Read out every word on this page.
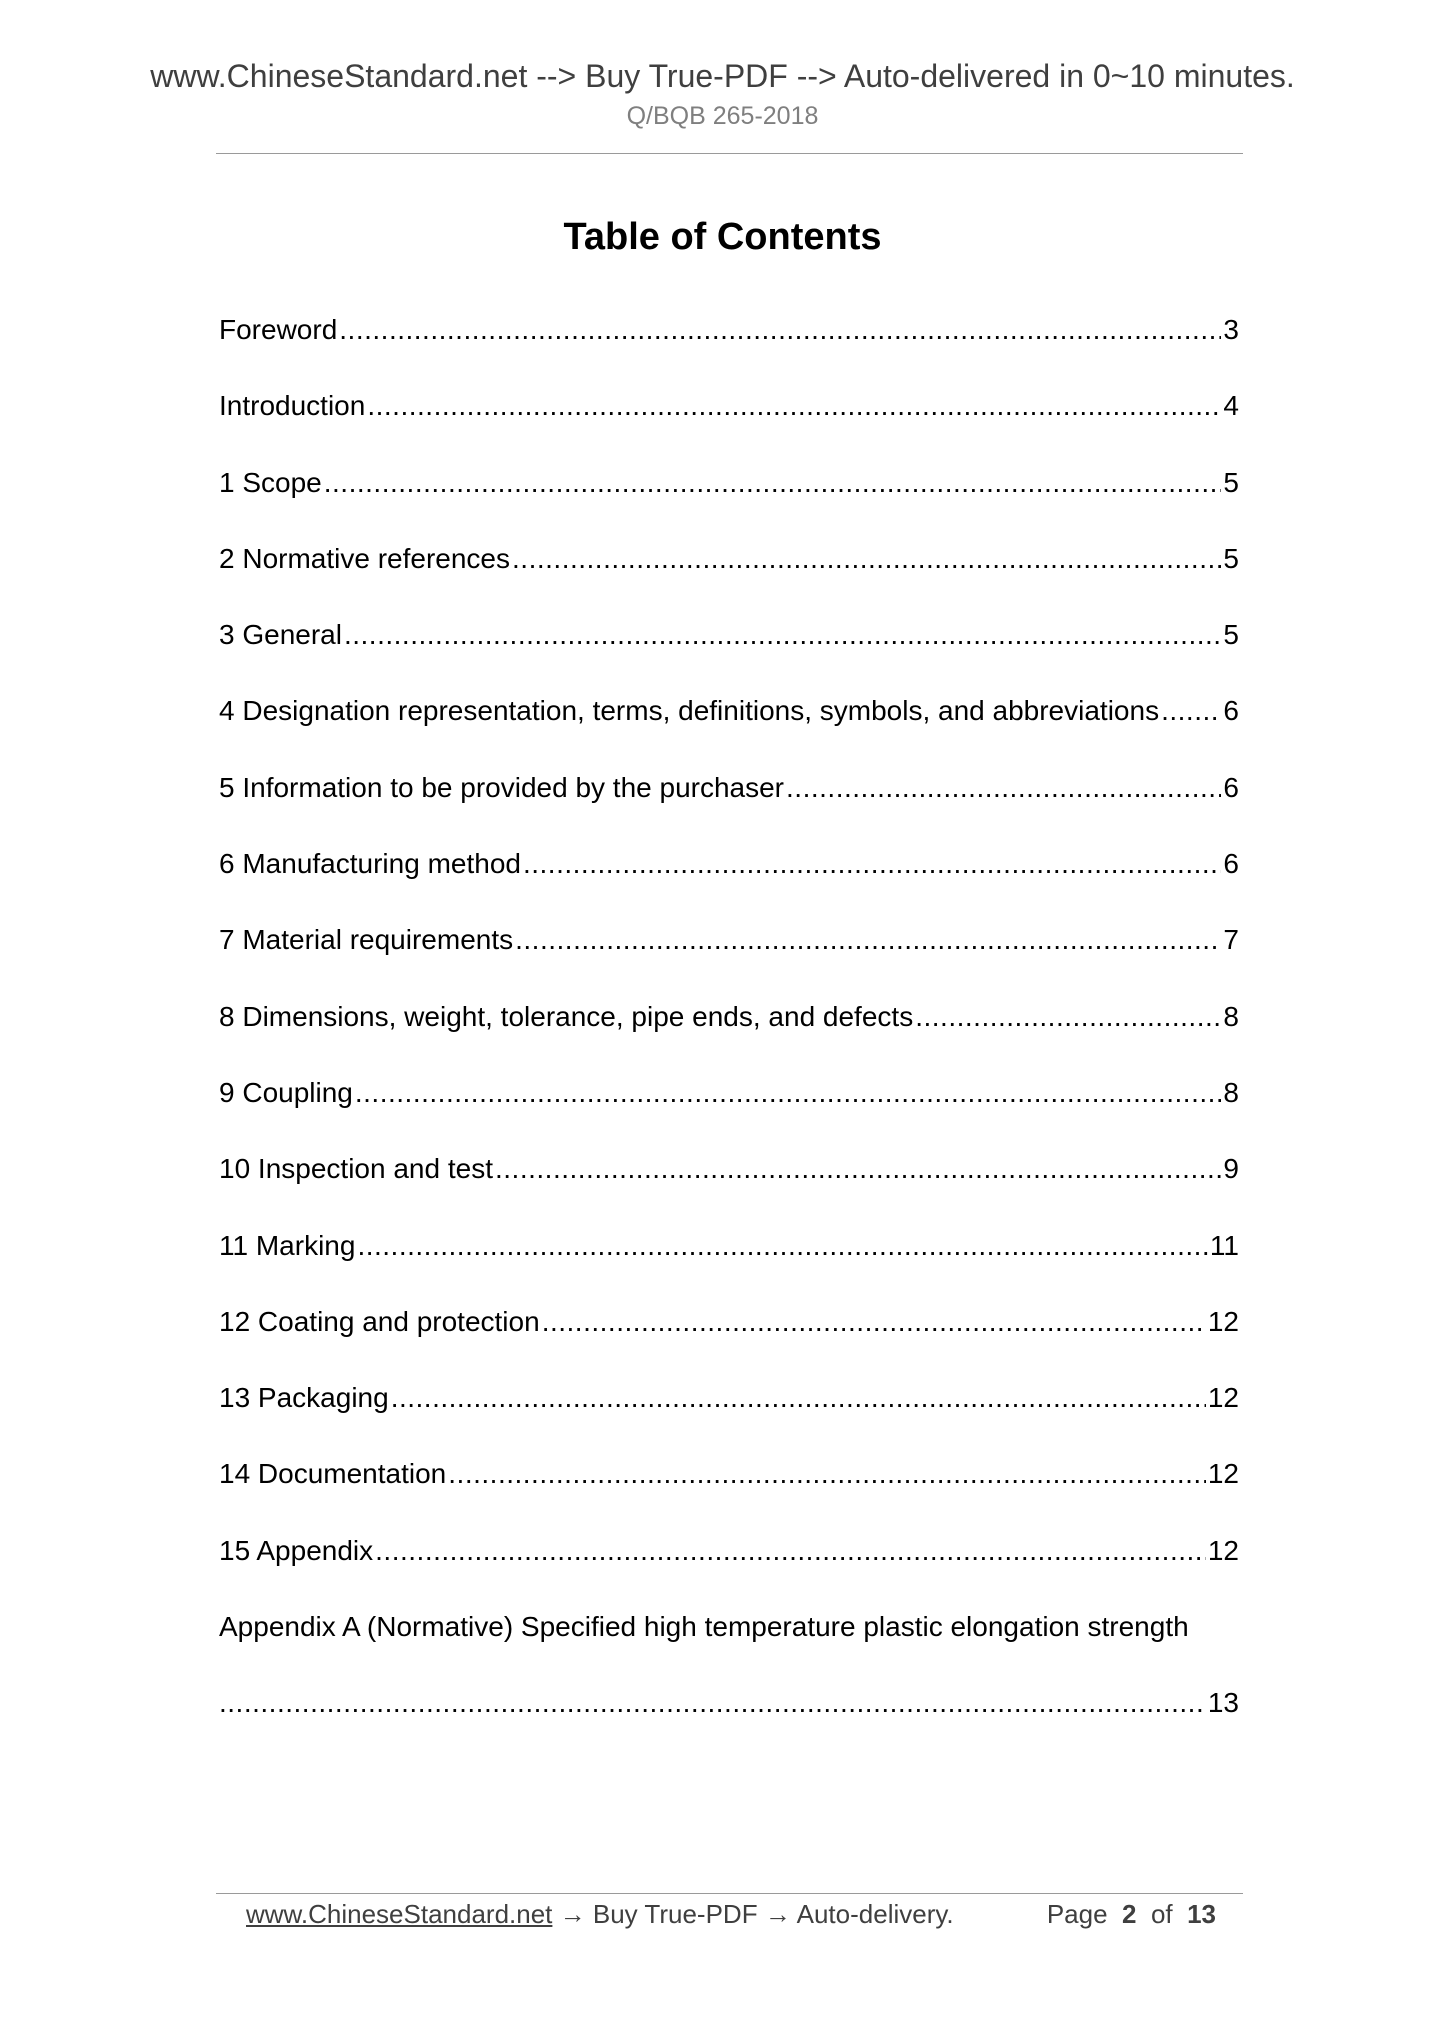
www.ChineseStandard.net --> Buy True-PDF --> Auto-delivered in 0~10 minutes.
Q/BQB 265-2018
Table of Contents
Foreword .....	3
Introduction .....	4
1 Scope .....	5
2 Normative references .....	5
3 General .....	5
4 Designation representation, terms, definitions, symbols, and abbreviations ..... 6
5 Information to be provided by the purchaser .....	6
6 Manufacturing method .....	6
7 Material requirements .....	7
8 Dimensions, weight, tolerance, pipe ends, and defects .....	8
9 Coupling .....	8
10 Inspection and test .....	9
11 Marking .....	11
12 Coating and protection .....	12
13 Packaging .....	12
14 Documentation .....	12
15 Appendix .....	12
Appendix A (Normative) Specified high temperature plastic elongation strength
.....
13
www.ChineseStandard.net → Buy True-PDF → Auto-delivery.	Page 2 of 13
